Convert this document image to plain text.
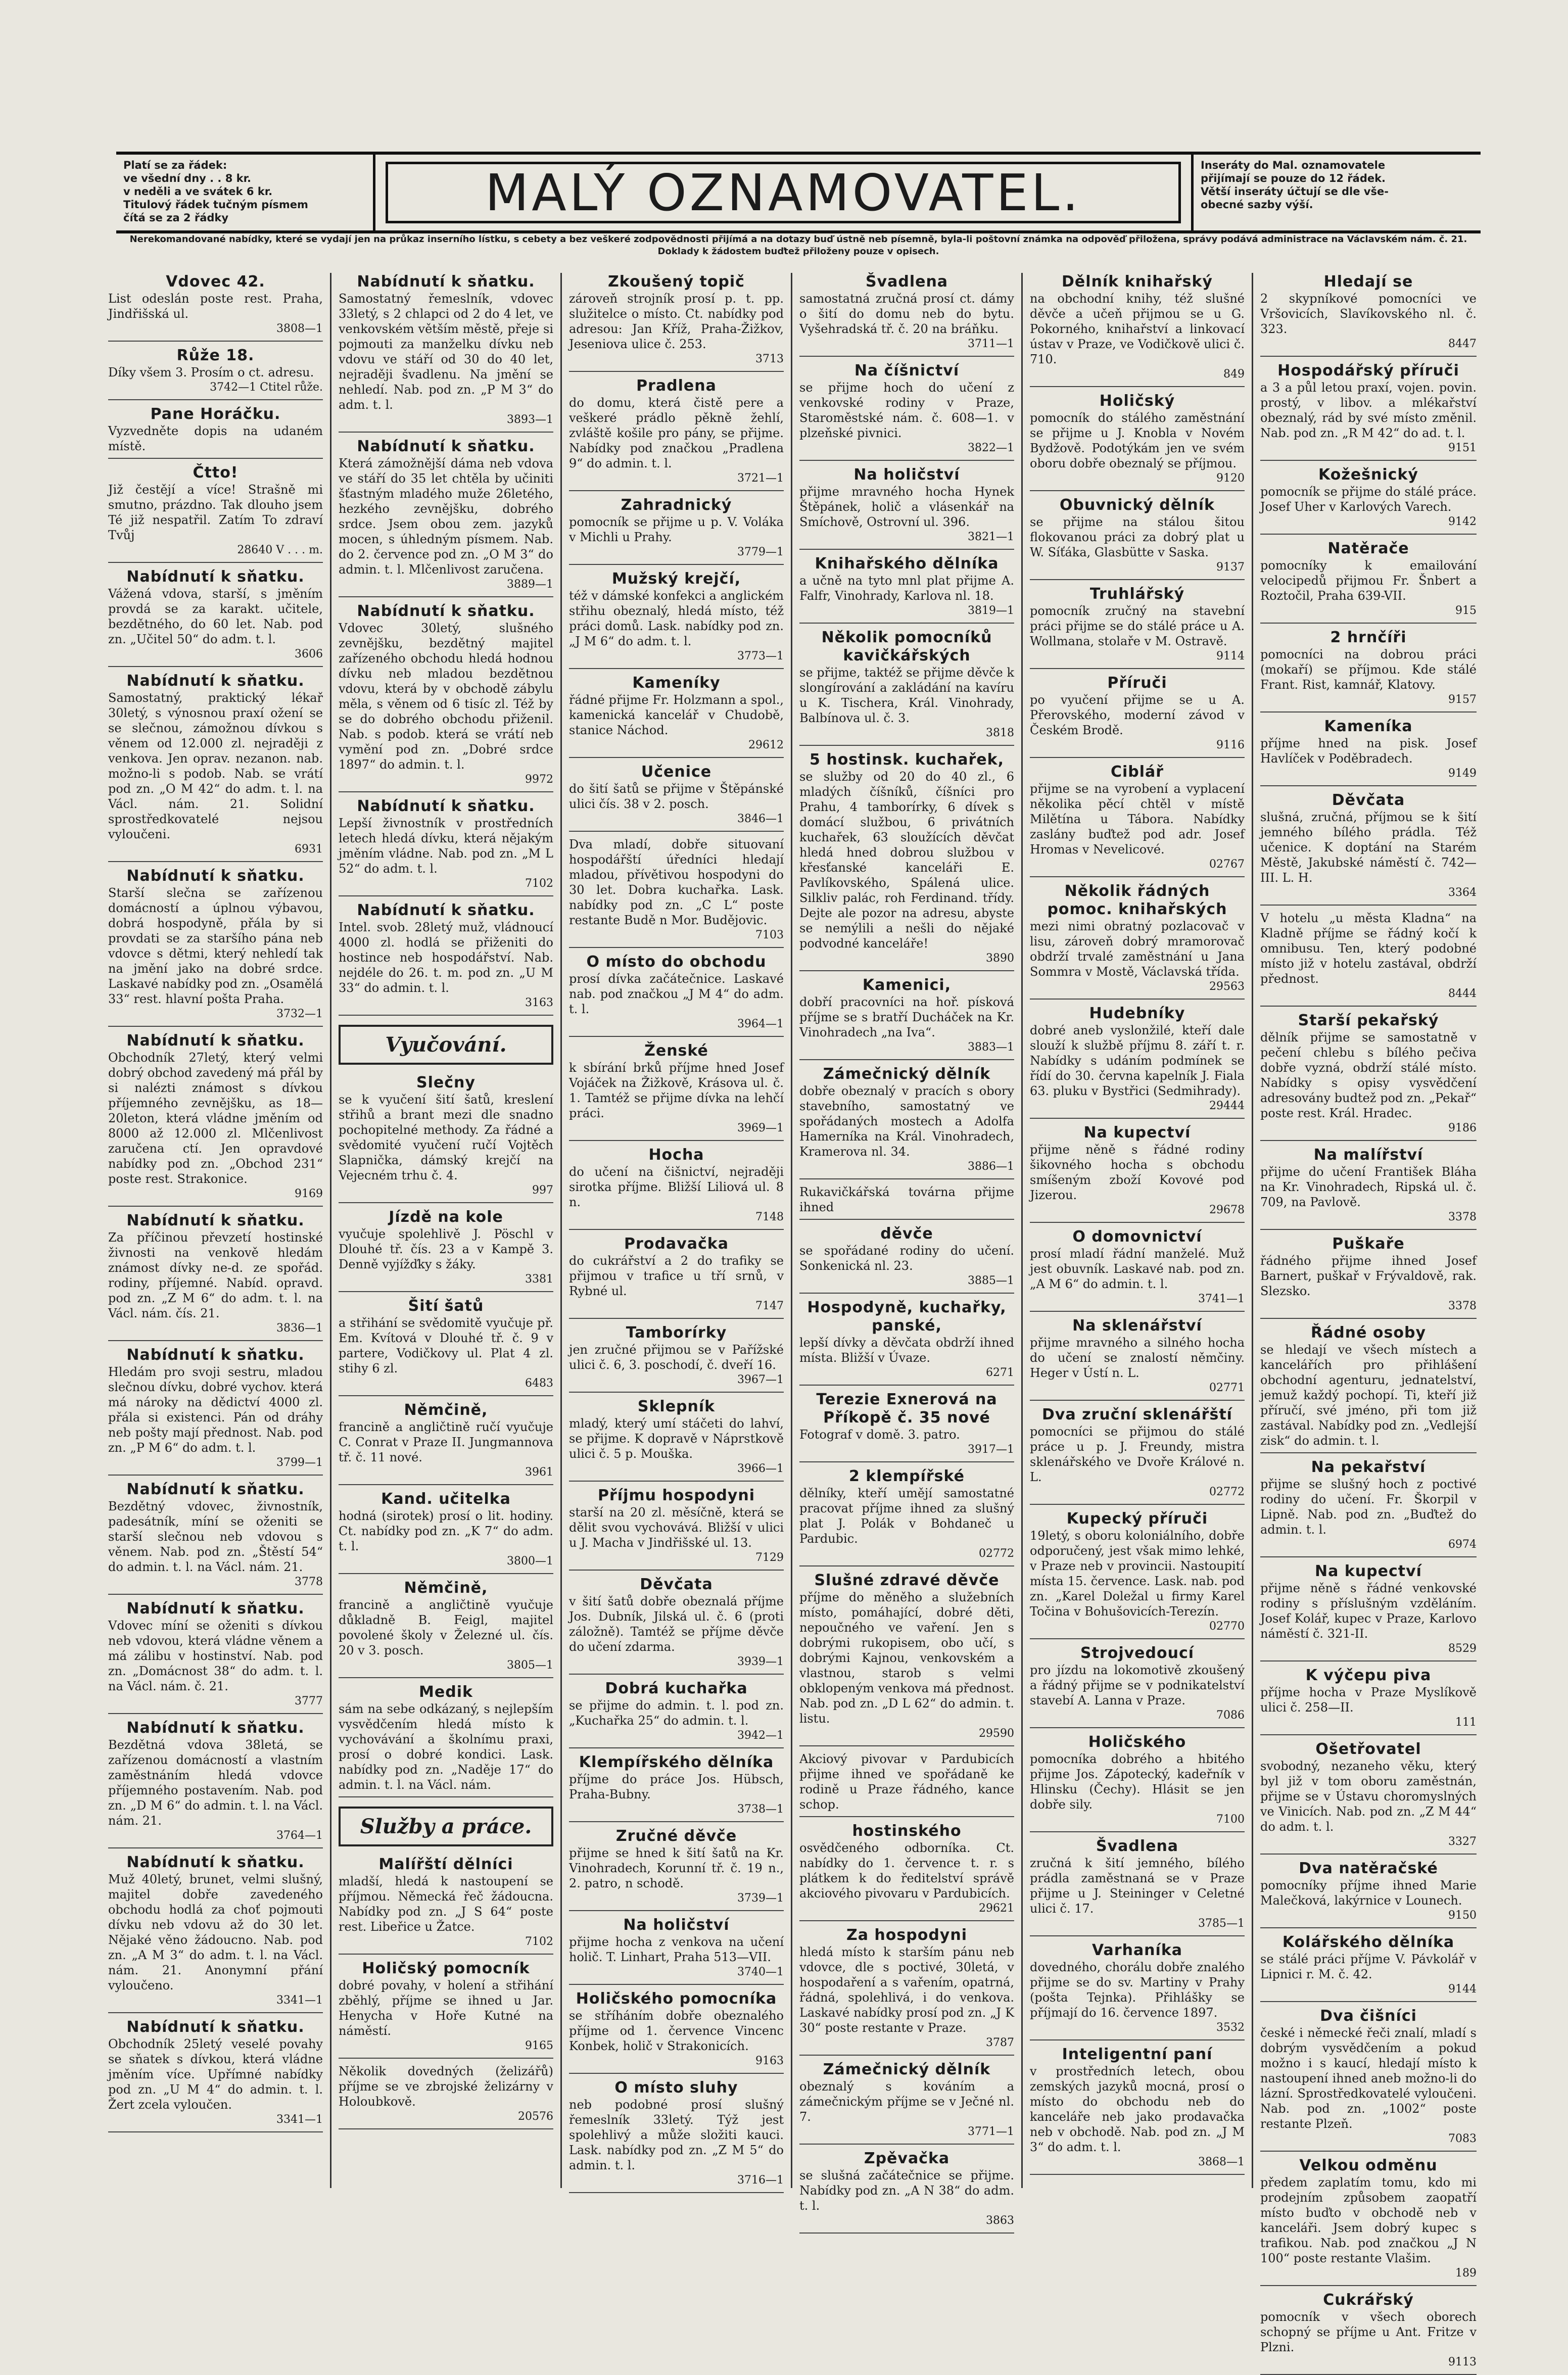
Platí se za řádek:
ve všední dny . . 8 kr.
v neděli a ve svátek 6 kr.
Titulový řádek tučným písmem
čítá se za 2 řádky	MALÝ OZNAMOVATEL.	Inseráty do Mal. oznamovatele
přijímají se pouze do 12 řádek.
Větší inseráty účtují se dle vše-
obecné sazby výší.
Nerekomandované nabídky, které se vydají jen na průkaz inserního lístku, s cebety a bez veškeré zodpovědnosti přijímá a na dotazy buď ústně neb písemně, byla-li poštovní známka na odpověď přiložena, správy podává administrace na Václavském nám. č. 21. Doklady k žádostem buďtež přiloženy pouze v opisech.
Vdovec 42.

List odeslán poste rest. Praha, Jindřišská ul.

3808—1
Růže 18.

Díky všem 3. Prosím o ct. adresu.

3742—1 Ctitel růže.
Pane Horáčku.

Vyzvedněte dopis na udaném místě.

Čtto!

Již čestějí a více! Strašně mi smutno, prázdno. Tak dlouho jsem Té již nespatřil. Zatím To zdraví Tvůj

28640 V . . . m.
Nabídnutí k sňatku.

Vážená vdova, starší, s jměním provdá se za karakt. učitele, bezdětného, do 60 let. Nab. pod zn. „Učitel 50“ do adm. t. l.

3606
Nabídnutí k sňatku.

Samostatný, praktický lékař 30letý, s výnosnou praxí ožení se se slečnou, zámožnou dívkou s věnem od 12.000 zl. nejraději z venkova. Jen oprav. nezanon. nab. možno-li s podob. Nab. se vrátí pod zn. „O M 42“ do adm. t. l. na Václ. nám. 21. Solidní sprostředkovatelé nejsou vyloučeni.

6931
Nabídnutí k sňatku.

Starší slečna se zařízenou domácností a úplnou výbavou, dobrá hospodyně, přála by si provdati se za staršího pána neb vdovce s dětmi, který nehledí tak na jmění jako na dobré srdce. Laskavé nabídky pod zn. „Osamělá 33“ rest. hlavní pošta Praha.

3732—1
Nabídnutí k sňatku.

Obchodník 27letý, který velmi dobrý obchod zavedený má přál by si nalézti známost s dívkou příjemného zevnějšku, as 18—20leton, která vládne jměním od 8000 až 12.000 zl. Mlčenlivost zaručena ctí. Jen opravdové nabídky pod zn. „Obchod 231“ poste rest. Strakonice.

9169
Nabídnutí k sňatku.

Za příčinou převzetí hostinské živnosti na venkově hledám známost dívky ne-d. ze spořád. rodiny, příjemné. Nabíd. opravd. pod zn. „Z M 6“ do adm. t. l. na Václ. nám. čís. 21.

3836—1
Nabídnutí k sňatku.

Hledám pro svoji sestru, mladou slečnou dívku, dobré vychov. která má nároky na dědictví 4000 zl. přála si existenci. Pán od dráhy neb pošty mají přednost. Nab. pod zn. „P M 6“ do adm. t. l.

3799—1
Nabídnutí k sňatku.

Bezdětný vdovec, živnostník, padesátník, míní se oženiti se starší slečnou neb vdovou s věnem. Nab. pod zn. „Štěstí 54“ do admin. t. l. na Václ. nám. 21.

3778
Nabídnutí k sňatku.

Vdovec míní se oženiti s dívkou neb vdovou, která vládne věnem a má zálibu v hostinství. Nab. pod zn. „Domácnost 38“ do adm. t. l. na Václ. nám. č. 21.

3777
Nabídnutí k sňatku.

Bezdětná vdova 38letá, se zařízenou domácností a vlastním zaměstnáním hledá vdovce příjemného postavením. Nab. pod zn. „D M 6“ do admin. t. l. na Václ. nám. 21.

3764—1
Nabídnutí k sňatku.

Muž 40letý, brunet, velmi slušný, majitel dobře zavedeného obchodu hodlá za choť pojmouti dívku neb vdovu až do 30 let. Nějaké věno žádoucno. Nab. pod zn. „A M 3“ do adm. t. l. na Václ. nám. 21. Anonymní přání vyloučeno.

3341—1
Nabídnutí k sňatku.

Obchodník 25letý veselé povahy se sňatek s dívkou, která vládne jměním více. Upřímné nabídky pod zn. „U M 4“ do admin. t. l. Žert zcela vyloučen.

3341—1
Nabídnutí k sňatku.

Samostatný řemeslník, vdovec 33letý, s 2 chlapci od 2 do 4 let, ve venkovském větším městě, přeje si pojmouti za manželku dívku neb vdovu ve stáří od 30 do 40 let, nejraději švadlenu. Na jmění se nehledí. Nab. pod zn. „P M 3“ do adm. t. l.

3893—1
Nabídnutí k sňatku.

Která zámožnější dáma neb vdova ve stáří do 35 let chtěla by učiniti šťastným mladého muže 26letého, hezkého zevnějšku, dobrého srdce. Jsem obou zem. jazyků mocen, s úhledným písmem. Nab. do 2. července pod zn. „O M 3“ do admin. t. l. Mlčenlivost zaručena.

3889—1
Nabídnutí k sňatku.

Vdovec 30letý, slušného zevnějšku, bezdětný majitel zařízeného obchodu hledá hodnou dívku neb mladou bezdětnou vdovu, která by v obchodě zábylu měla, s věnem od 6 tisíc zl. Též by se do dobrého obchodu přiženil. Nab. s podob. která se vrátí neb vymění pod zn. „Dobré srdce 1897“ do admin. t. l.

9972
Nabídnutí k sňatku.

Lepší živnostník v prostředních letech hledá dívku, která nějakým jměním vládne. Nab. pod zn. „M L 52“ do adm. t. l.

7102
Nabídnutí k sňatku.

Intel. svob. 28letý muž, vládnoucí 4000 zl. hodlá se přiženiti do hostince neb hospodářství. Nab. nejdéle do 26. t. m. pod zn. „U M 33“ do admin. t. l.

3163
Vyučování.
Slečny

se k vyučení šití šatů, kreslení střihů a brant mezi dle snadno pochopitelné methody. Za řádné a svědomité vyučení ručí Vojtěch Slapnička, dámský krejčí na Vejecném trhu č. 4.

997
Jízdě na kole

vyučuje spolehlivě J. Pöschl v Dlouhé tř. čís. 23 a v Kampě 3. Denně vyjížďky s žáky.

3381
Šití šatů

a střihání se svědomitě vyučuje př. Em. Kvítová v Dlouhé tř. č. 9 v partere, Vodičkovy ul. Plat 4 zl. stihy 6 zl.

6483
Němčině,

francině a angličtině ručí vyučuje C. Conrat v Praze II. Jungmannova tř. č. 11 nové.

3961
Kand. učitelka

hodná (sirotek) prosí o lit. hodiny. Ct. nabídky pod zn. „K 7“ do adm. t. l.

3800—1
Němčině,

francině a angličtině vyučuje důkladně B. Feigl, majitel povolené školy v Železné ul. čís. 20 v 3. posch.

3805—1
Medik

sám na sebe odkázaný, s nejlepším vysvědčením hledá místo k vychovávání a školnímu praxi, prosí o dobré kondici. Lask. nabídky pod zn. „Naděje 17“ do admin. t. l. na Václ. nám.

Služby a práce.
Malířští dělníci

mladší, hledá k nastoupení se příjmou. Německá řeč žádoucna. Nabídky pod zn. „J S 64“ poste rest. Libeřice u Žatce.

7102
Holičský pomocník

dobré povahy, v holení a střihání zběhlý, příjme se ihned u Jar. Henycha v Hoře Kutné na náměstí.

9165

Několik dovedných (želizářů) příjme se ve zbrojské želizárny v Holoubkově.

20576
Zkoušený topič

zároveň strojník prosí p. t. pp. služitelce o místo. Ct. nabídky pod adresou: Jan Kříž, Praha-Žižkov, Jeseniova ulice č. 253.

3713
Pradlena

do domu, která čistě pere a veškeré prádlo pěkně žehlí, zvláště košile pro pány, se přijme. Nabídky pod značkou „Pradlena 9“ do admin. t. l.

3721—1
Zahradnický

pomocník se přijme u p. V. Voláka v Michli u Prahy.

3779—1
Mužský krejčí,

též v dámské konfekci a anglickém střihu obeznalý, hledá místo, též práci domů. Lask. nabídky pod zn. „J M 6“ do adm. t. l.

3773—1
Kameníky

řádné přijme Fr. Holzmann a spol., kamenická kancelář v Chudobě, stanice Náchod.

29612
Učenice

do šití šatů se přijme v Štěpánské ulici čís. 38 v 2. posch.

3846—1

Dva mladí, dobře situovaní hospodářští úředníci hledají mladou, přívětivou hospodyni do 30 let. Dobra kuchařka. Lask. nabídky pod zn. „C L“ poste restante Budě n Mor. Budějovic.

7103
O místo do obchodu

prosí dívka začátečnice. Laskavé nab. pod značkou „J M 4“ do adm. t. l.

3964—1
Ženské

k sbírání brků příjme hned Josef Vojáček na Žižkově, Krásova ul. č. 1. Tamtéž se přijme dívka na lehčí práci.

3969—1
Hocha

do učení na čišnictví, nejraději sirotka příjme. Bližší Liliová ul. 8 n.

7148
Prodavačka

do cukrářství a 2 do trafiky se přijmou v trafice u tří srnů, v Rybné ul.

7147
Tamborírky

jen zručné přijmou se v Pařížské ulici č. 6, 3. poschodí, č. dveří 16.

3967—1
Sklepník

mladý, který umí stáčeti do lahví, se přijme. K dopravě v Náprstkově ulici č. 5 p. Mouška.

3966—1
Příjmu hospodyni

starší na 20 zl. měsíčně, která se dělit svou vychovává. Bližší v ulici u J. Macha v Jindřišské ul. 13.

7129
Děvčata

v šití šatů dobře obeznalá příjme Jos. Dubník, Jilská ul. č. 6 (proti záložně). Tamtéž se příjme děvče do učení zdarma.

3939—1
Dobrá kuchařka

se přijme do admin. t. l. pod zn. „Kuchařka 25“ do admin. t. l.

3942—1
Klempířského dělníka

příjme do práce Jos. Hübsch, Praha-Bubny.

3738—1
Zručné děvče

přijme se hned k šití šatů na Kr. Vinohradech, Korunní tř. č. 19 n., 2. patro, n schodě.

3739—1
Na holičství

přijme hocha z venkova na učení holič. T. Linhart, Praha 513—VII.

3740—1
Holičského pomocníka

se stříháním dobře obeznalého příjme od 1. července Vincenc Konbek, holič v Strakonicích.

9163
O místo sluhy

neb podobné prosí slušný řemeslník 33letý. Týž jest spolehlivý a může složiti kauci. Lask. nabídky pod zn. „Z M 5“ do admin. t. l.

3716—1
Švadlena

samostatná zručná prosí ct. dámy o šití do domu neb do bytu. Vyšehradská tř. č. 20 na bráňku.

3711—1
Na číšnictví

se přijme hoch do učení z venkovské rodiny v Praze, Staroměstské nám. č. 608—1. v plzeňské pivnici.

3822—1
Na holičství

přijme mravného hocha Hynek Štěpánek, holič a vlásenkář na Smíchově, Ostrovní ul. 396.

3821—1
Knihařského dělníka

a učně na tyto mnl plat přijme A. Falfr, Vinohrady, Karlova nl. 18.

3819—1
Několik pomocníků kavičkářských

se přijme, taktéž se přijme děvče k slongírování a zakládání na kavíru u K. Tischera, Král. Vinohrady, Balbínova ul. č. 3.

3818
5 hostinsk. kuchařek,

se služby od 20 do 40 zl., 6 mladých číšníků, číšníci pro Prahu, 4 tamborírky, 6 dívek s domácí službou, 6 privátních kuchařek, 63 sloužících děvčat hledá hned dobrou službou v křesťanské kanceláři E. Pavlíkovského, Spálená ulice. Silkliv palác, roh Ferdinand. třídy. Dejte ale pozor na adresu, abyste se nemýlili a nešli do nějaké podvodné kanceláře!

3890
Kamenici,

dobří pracovníci na hoř. písková příjme se s bratří Ducháček na Kr. Vinohradech „na Iva“.

3883—1
Zámečnický dělník

dobře obeznalý v pracích s obory stavebního, samostatný ve spořádaných mostech a Adolfa Hamerníka na Král. Vinohradech, Kramerova nl. 34.

3886—1

Rukavičkářská továrna přijme ihned

děvče

se spořádané rodiny do učení. Sonkenická nl. 23.

3885—1
Hospodyně, kuchařky, panské,

lepší dívky a děvčata obdrží ihned místa. Bližší v Úvaze.

6271
Terezie Exnerová na Příkopě č. 35 nové

Fotograf v domě. 3. patro.

3917—1
2 klempířské

dělníky, kteří umějí samostatné pracovat příjme ihned za slušný plat J. Polák v Bohdaneč u Pardubic.

02772
Slušné zdravé děvče

příjme do měněho a služebních místo, pomáhající, dobré děti, nepoučného ve vaření. Jen s dobrými rukopisem, obo učí, s dobrými Kajnou, venkovském a vlastnou, starob s velmi obklopeným venkova má přednost. Nab. pod zn. „D L 62“ do admin. t. listu.

29590

Akciový pivovar v Pardubicích přijme ihned ve spořádaně ke rodině u Praze řádného, kance schop.

hostinského

osvědčeného odborníka. Ct. nabídky do 1. července t. r. s plátkem k do ředitelství správě akciového pivovaru v Pardubicích.

29621
Za hospodyni

hledá místo k starším pánu neb vdovce, dle s poctivé, 30letá, v hospodaření a s vařením, opatrná, řádná, spolehlivá, i do venkova. Laskavé nabídky prosí pod zn. „J K 30“ poste restante v Praze.

3787
Zámečnický dělník

obeznalý s kováním a zámečnickým příjme se v Ječné nl. 7.

3771—1
Zpěvačka

se slušná začátečnice se přijme. Nabídky pod zn. „A N 38“ do adm. t. l.

3863
Dělník knihařský

na obchodní knihy, též slušné děvče a učeň přijmou se u G. Pokorného, knihařství a linkovací ústav v Praze, ve Vodičkově ulici č. 710.

849
Holičský

pomocník do stálého zaměstnání se přijme u J. Knobla v Novém Bydžově. Podotýkám jen ve svém oboru dobře obeznalý se příjmou.

9120
Obuvnický dělník

se přijme na stálou šitou flokovanou práci za dobrý plat u W. Síťáka, Glasbütte v Saska.

9137
Truhlářský

pomocník zručný na stavební práci přijme se do stálé práce u A. Wollmana, stolaře v M. Ostravě.

9114
Příruči

po vyučení přijme se u A. Přerovského, moderní závod v Českém Brodě.

9116
Ciblář

přijme se na vyrobení a vyplacení několika pěcí chtěl v místě Milětína u Tábora. Nabídky zaslány buďtež pod adr. Josef Hromas v Nevelicové.

02767
Několik řádných pomoc. knihařských

mezi nimi obratný pozlacovač v lisu, zároveň dobrý mramorovač obdrží trvalé zaměstnání u Jana Sommra v Mostě, Václavská třída.

29563
Hudebníky

dobré aneb vyslonžilé, kteří dale slouží k službě příjmu 8. září t. r. Nabídky s udáním podmínek se řídí do 30. června kapelník J. Fiala 63. pluku v Bystřici (Sedmihrady).

29444
Na kupectví

přijme něně s řádné rodiny šikovného hocha s obchodu smíšeným zboží Kovové pod Jizerou.

29678
O domovnictví

prosí mladí řádní manželé. Muž jest obuvník. Laskavé nab. pod zn. „A M 6“ do admin. t. l.

3741—1
Na sklenářství

přijme mravného a silného hocha do učení se znalostí němčiny. Heger v Ústí n. L.

02771
Dva zruční sklenářští

pomocníci se přijmou do stálé práce u p. J. Freundy, mistra sklenářského ve Dvoře Králové n. L.

02772
Kupecký příruči

19letý, s oboru koloniálního, dobře odporučený, jest však mimo lehké, v Praze neb v provincii. Nastoupití místa 15. července. Lask. nab. pod zn. „Karel Doležal u firmy Karel Točina v Bohušovicích-Terezín.

02770
Strojvedoucí

pro jízdu na lokomotivě zkoušený a řádný přijme se v podnikatelství stavebí A. Lanna v Praze.

7086
Holičského

pomocníka dobrého a hbitého přijme Jos. Zápotecký, kadeřník v Hlinsku (Čechy). Hlásit se jen dobře sily.

7100
Švadlena

zručná k šití jemného, bílého prádla zaměstnaná se v Praze přijme u J. Steininger v Celetné ulici č. 17.

3785—1
Varhaníka

dovedného, chorálu dobře znalého přijme se do sv. Martiny v Prahy (pošta Tejnka). Přihlášky se příjmají do 16. července 1897.

3532
Inteligentní paní

v prostředních letech, obou zemských jazyků mocná, prosí o místo do obchodu neb do kanceláře neb jako prodavačka neb v obchodě. Nab. pod zn. „J M 3“ do adm. t. l.

3868—1
Hledají se

2 skypníkové pomocníci ve Vršovicích, Slavíkovského nl. č. 323.

8447
Hospodářský příruči

a 3 a půl letou praxí, vojen. povin. prostý, v libov. a mlékařství obeznalý, rád by své místo změnil. Nab. pod zn. „R M 42“ do ad. t. l.

9151
Kožešnický

pomocník se přijme do stálé práce. Josef Uher v Karlových Varech.

9142
Natěrače

pomocníky k emailování velocipedů přijmou Fr. Šnbert a Roztočil, Praha 639-VII.

915
2 hrnčíři

pomocníci na dobrou práci (mokaří) se příjmou. Kde stálé Frant. Rist, kamnář, Klatovy.

9157
Kameníka

příjme hned na pisk. Josef Havlíček v Poděbradech.

9149
Děvčata

slušná, zručná, příjmou se k šití jemného bílého prádla. Též učenice. K doptání na Starém Městě, Jakubské náměstí č. 742—III. L. H.

3364

V hotelu „u města Kladna“ na Kladně příjme se řádný kočí k omnibusu. Ten, který podobné místo již v hotelu zastával, obdrží přednost.

8444
Starší pekařský

dělník přijme se samostatně v pečení chlebu s bílého pečiva dobře vyzná, obdrží stálé místo. Nabídky s opisy vysvědčení adresovány budtež pod zn. „Pekař“ poste rest. Král. Hradec.

9186
Na malířství

přijme do učení František Bláha na Kr. Vinohradech, Ripská ul. č. 709, na Pavlově.

3378
Puškaře

řádného přijme ihned Josef Barnert, puškař v Frývaldově, rak. Slezsko.

3378
Řádné osoby

se hledají ve všech místech a kancelářích pro přihlášení obchodní agenturu, jednatelství, jemuž každý pochopí. Ti, kteří již příručí, své jméno, při tom již zastával. Nabídky pod zn. „Vedlejší zisk“ do admin. t. l.

Na pekařství

přijme se slušný hoch z poctivé rodiny do učení. Fr. Škorpil v Lipně. Nab. pod zn. „Buďtež do admin. t. l.

6974
Na kupectví

přijme něně s řádné venkovské rodiny s příslušným vzděláním. Josef Kolář, kupec v Praze, Karlovo náměstí č. 321-II.

8529
K výčepu piva

příjme hocha v Praze Myslíkově ulici č. 258—II.

111
Ošetřovatel

svobodný, nezaneho věku, který byl již v tom oboru zaměstnán, přijme se v Ústavu choromyslných ve Vinicích. Nab. pod zn. „Z M 44“ do adm. t. l.

3327
Dva natěračské

pomocníky příjme ihned Marie Malečková, lakýrnice v Lounech.

9150
Kolářského dělníka

se stálé práci příjme V. Pávkolář v Lipnici r. M. č. 42.

9144
Dva čišníci

české i německé řeči znalí, mladí s dobrým vysvědčením a pokud možno i s kaucí, hledají místo k nastoupení ihned aneb možno-li do lázní. Sprostředkovatelé vyloučeni. Nab. pod zn. „1002“ poste restante Plzeň.

7083
Velkou odměnu

předem zaplatím tomu, kdo mi prodejním způsobem zaopatří místo buďto v obchodě neb v kanceláři. Jsem dobrý kupec s trafikou. Nab. pod značkou „J N 100“ poste restante Vlašim.

189
Cukrářský

pomocník v všech oborech schopný se příjme u Ant. Fritze v Plzni.

9113
